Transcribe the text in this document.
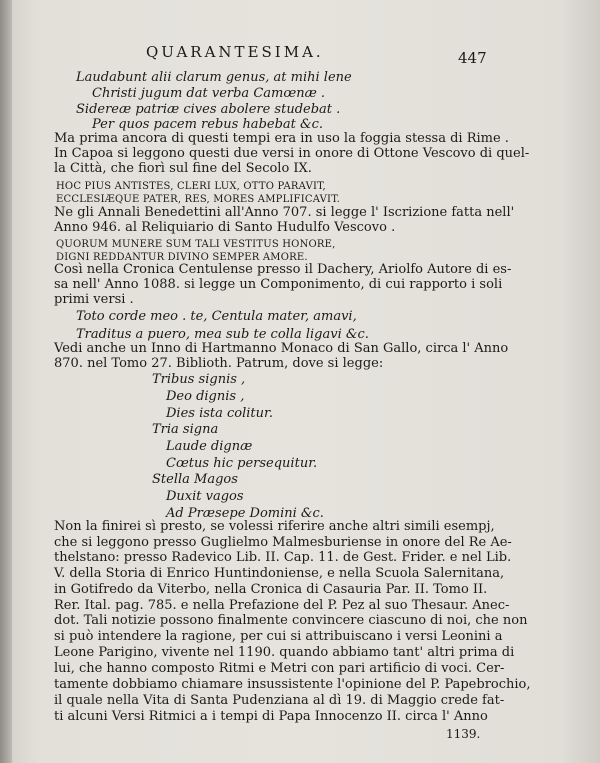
QUARANTESIMA.	447
Laudabunt alii clarum genus, at mihi lene
Christi jugum dat verba Camœnæ .
Sidereæ patriæ cives abolere studebat .
Per quos pacem rebus habebat &c.
Ma prima ancora di questi tempi era in uso la foggia stessa di Rime .
In Capoa si leggono questi due versi in onore di Ottone Vescovo di quel-
la Città, che fiorì sul fine del Secolo IX.
HOC PIUS ANTISTES, CLERI LUX, OTTO PARAVIT,
ECCLESIÆQUE PATER, RES, MORES AMPLIFICAVIT.
Ne gli Annali Benedettini all'Anno 707. si legge l' Iscrizione fatta nell'
Anno 946. al Reliquiario di Santo Hudulfo Vescovo .
QUORUM MUNERE SUM TALI VESTITUS HONORE,
DIGNI REDDANTUR DIVINO SEMPER AMORE.
Così nella Cronica Centulense presso il Dachery, Ariolfo Autore di es-
sa nell' Anno 1088. si legge un Componimento, di cui rapporto i soli
primi versi .
Toto corde meo . te, Centula mater, amavi,
Traditus a puero, mea sub te colla ligavi &c.
Vedi anche un Inno di Hartmanno Monaco di San Gallo, circa l' Anno
870. nel Tomo 27. Biblioth. Patrum, dove si legge:
Tribus signis ,
Deo dignis ,
Dies ista colitur.
Tria signa
Laude dignæ
Cœtus hic persequitur.
Stella Magos
Duxit vagos
Ad Præsepe Domini &c.
Non la finirei sì presto, se volessi riferire anche altri simili esempj,
che si leggono presso Guglielmo Malmesburiense in onore del Re Ae-
thelstano: presso Radevico Lib. II. Cap. 11. de Gest. Frider. e nel Lib.
V. della Storia di Enrico Huntindoniense, e nella Scuola Salernitana,
in Gotifredo da Viterbo, nella Cronica di Casauria Par. II. Tomo II.
Rer. Ital. pag. 785. e nella Prefazione del P. Pez al suo Thesaur. Anec-
dot. Tali notizie possono finalmente convincere ciascuno di noi, che non
si può intendere la ragione, per cui si attribuiscano i versi Leonini a
Leone Parigino, vivente nel 1190. quando abbiamo tant' altri prima di
lui, che hanno composto Ritmi e Metri con pari artificio di voci. Cer-
tamente dobbiamo chiamare insussistente l'opinione del P. Papebrochio,
il quale nella Vita di Santa Pudenziana al dì 19. di Maggio crede fat-
ti alcuni Versi Ritmici a i tempi di Papa Innocenzo II. circa l' Anno
1139.
